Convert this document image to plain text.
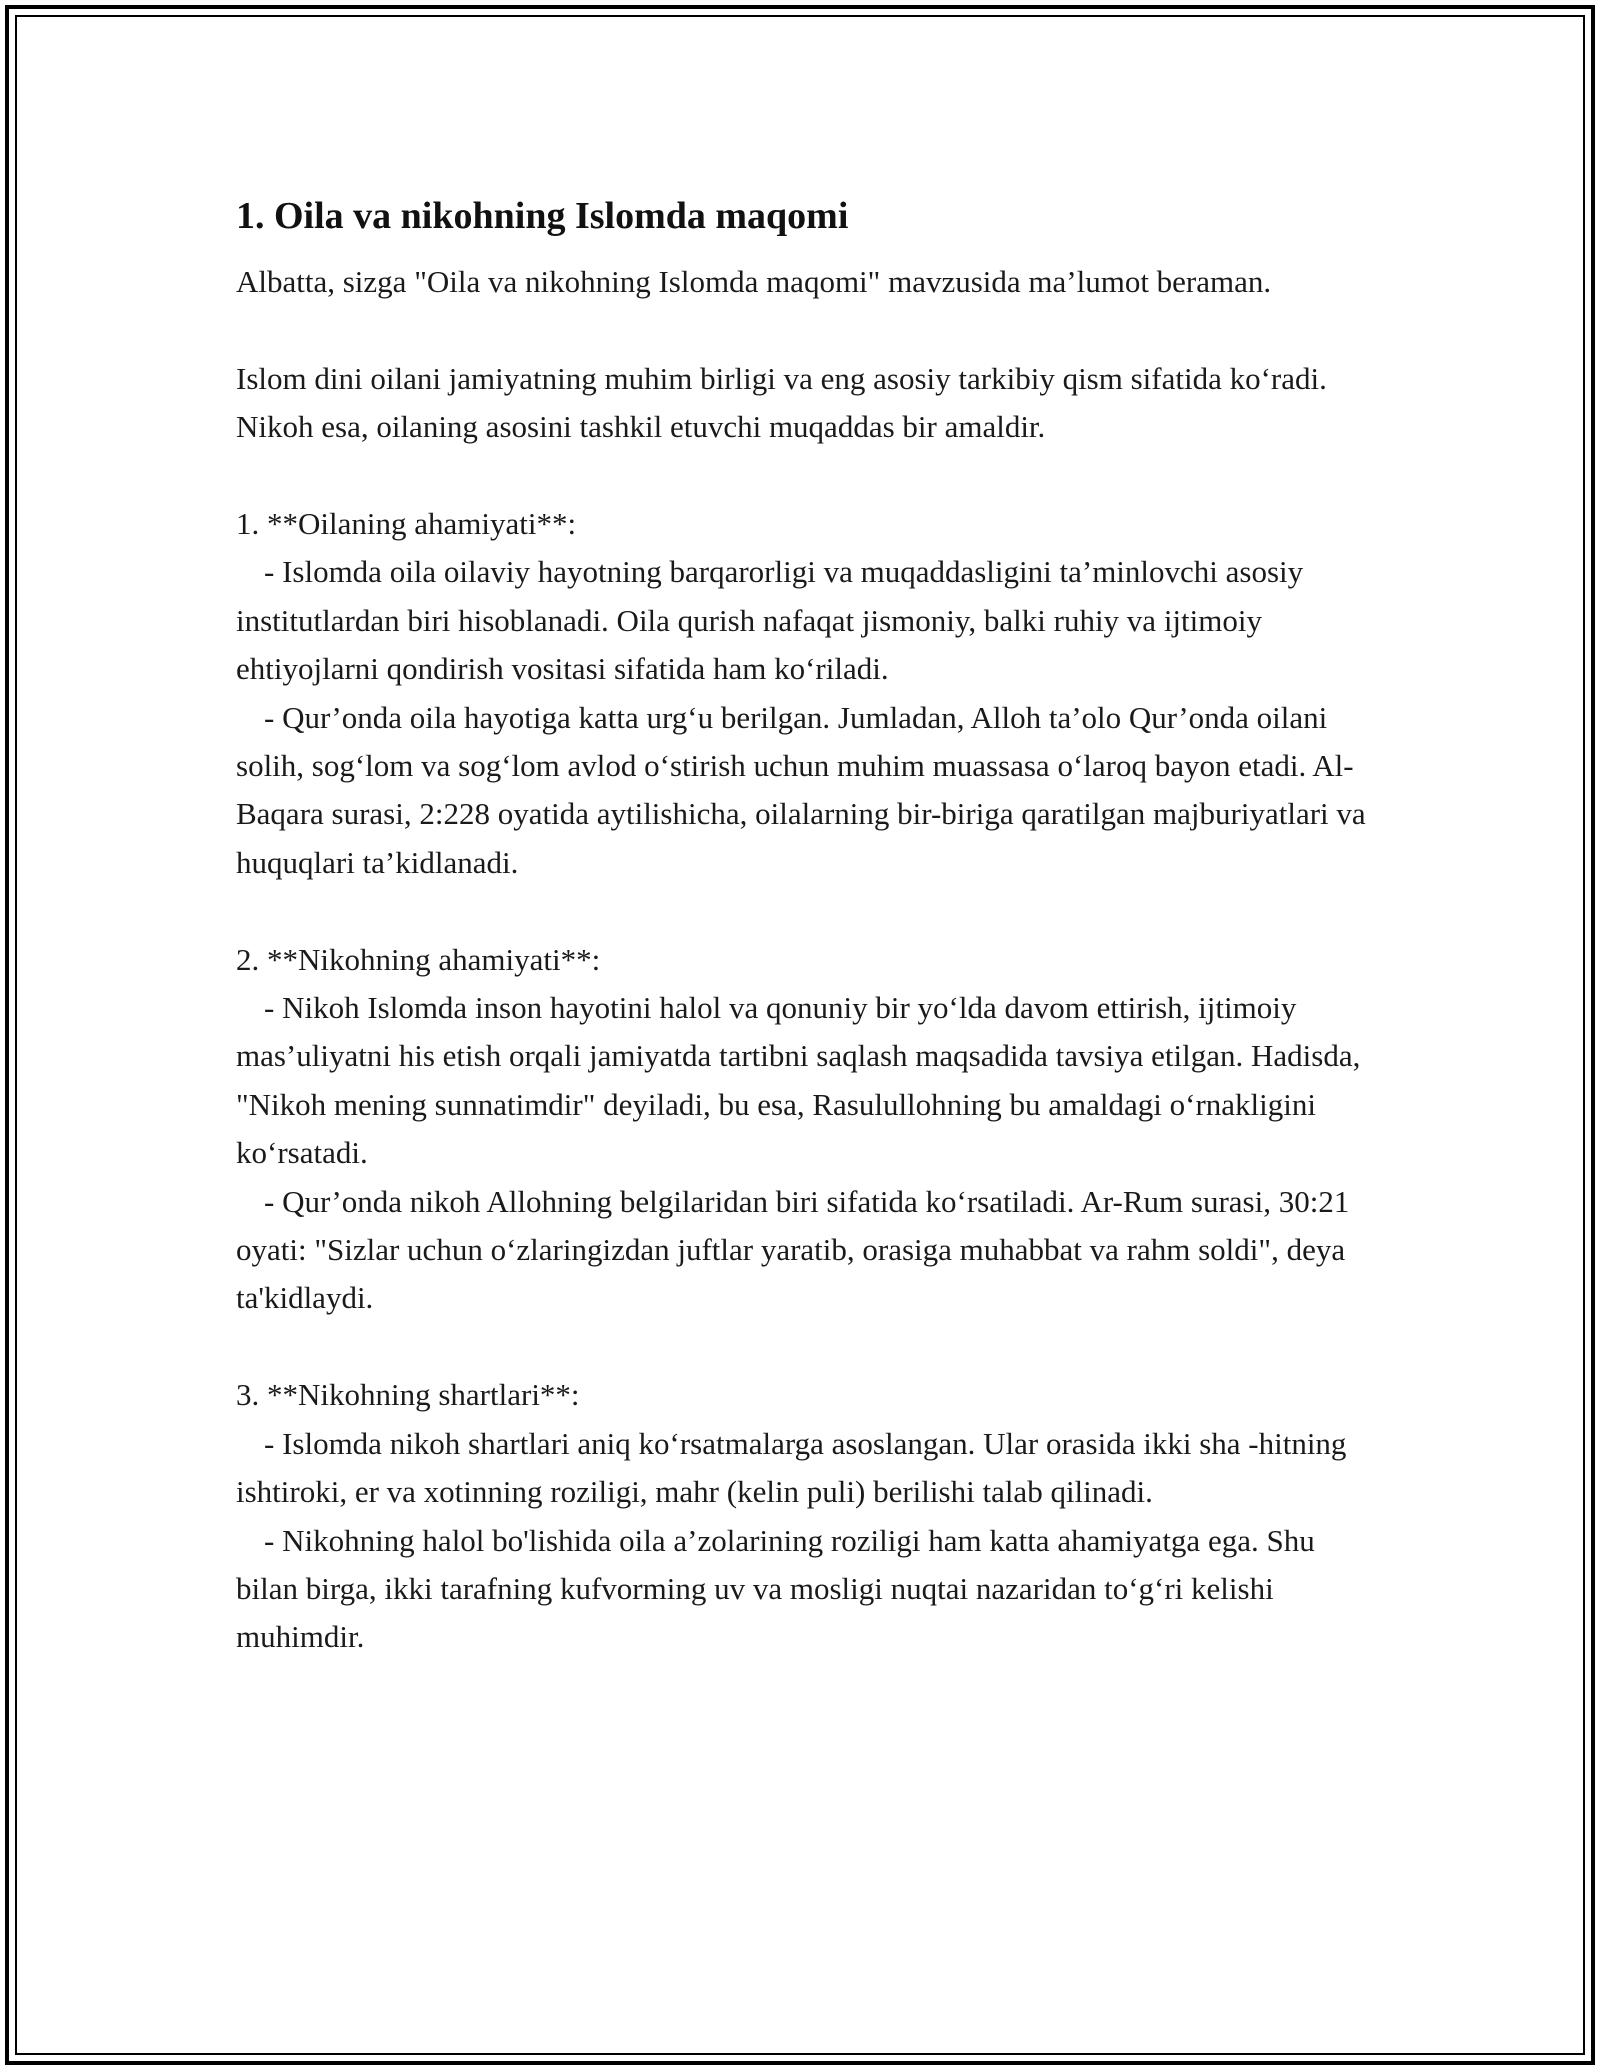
1. Oila va nikohning Islomda maqomi

Albatta, sizga "Oila va nikohning Islomda maqomi" mavzusida ma’lumot beraman.

Islom dini oilani jamiyatning muhim birligi va eng asosiy tarkibiy qism sifatida ko‘radi. Nikoh esa, oilaning asosini tashkil etuvchi muqaddas bir amaldir.

1. **Oilaning ahamiyati**:

- Islomda oila oilaviy hayotning barqarorligi va muqaddasligini ta’minlovchi asosiy institutlardan biri hisoblanadi. Oila qurish nafaqat jismoniy, balki ruhiy va ijtimoiy ehtiyojlarni qondirish vositasi sifatida ham ko‘riladi.

- Qur’onda oila hayotiga katta urg‘u berilgan. Jumladan, Alloh ta’olo Qur’onda oilani solih, sog‘lom va sog‘lom avlod o‘stirish uchun muhim muassasa o‘laroq bayon etadi. Al-Baqara surasi, 2:228 oyatida aytilishicha, oilalarning bir-biriga qaratilgan majburiyatlari va huquqlari ta’kidlanadi.

2. **Nikohning ahamiyati**:

- Nikoh Islomda inson hayotini halol va qonuniy bir yo‘lda davom ettirish, ijtimoiy mas’uliyatni his etish orqali jamiyatda tartibni saqlash maqsadida tavsiya etilgan. Hadisda, "Nikoh mening sunnatimdir" deyiladi, bu esa, Rasulullohning bu amaldagi o‘rnakligini ko‘rsatadi.

- Qur’onda nikoh Allohning belgilaridan biri sifatida ko‘rsatiladi. Ar-Rum surasi, 30:21 oyati: "Sizlar uchun o‘zlaringizdan juftlar yaratib, orasiga muhabbat va rahm soldi", deya ta'kidlaydi.

3. **Nikohning shartlari**:

- Islomda nikoh shartlari aniq ko‘rsatmalarga asoslangan. Ular orasida ikki sha -hitning ishtiroki, er va xotinning roziligi, mahr (kelin puli) berilishi talab qilinadi.

- Nikohning halol bo'lishida oila a’zolarining roziligi ham katta ahamiyatga ega. Shu bilan birga, ikki tarafning kufvorming uv va mosligi nuqtai nazaridan to‘g‘ri kelishi muhimdir.
